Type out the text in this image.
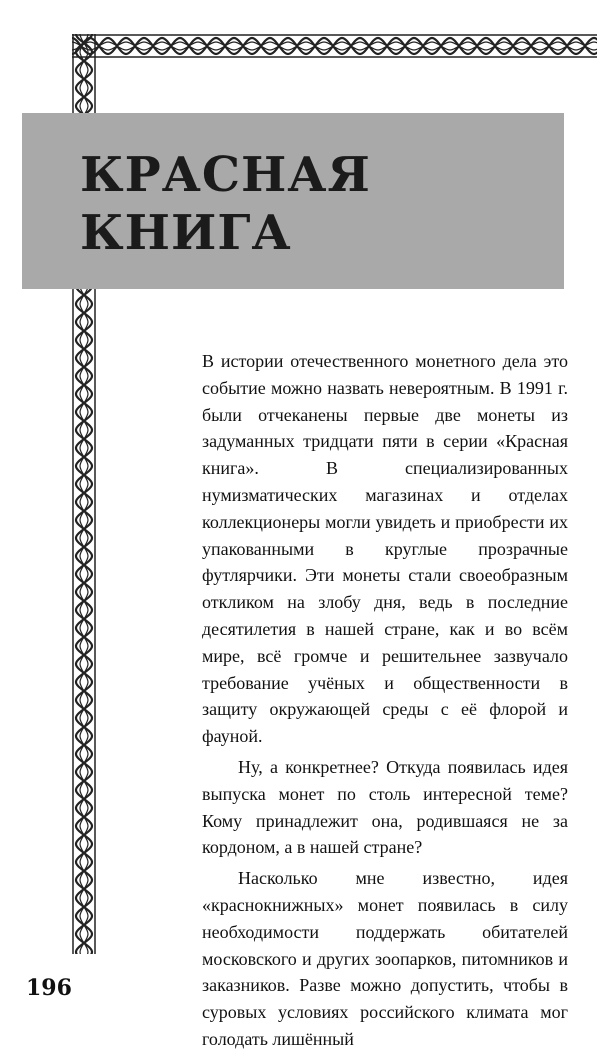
КРАСНАЯ
КНИГА

В истории отечественного монетного дела это событие можно назвать невероятным. В 1991 г. были отчеканены первые две монеты из задуманных тридцати пяти в серии «Красная книга». В специализированных нумизматических магазинах и отделах коллекционеры могли увидеть и приобрести их упакованными в круглые прозрачные футлярчики. Эти монеты стали своеобразным откликом на злобу дня, ведь в последние десятилетия в нашей стране, как и во всём мире, всё громче и решительнее зазвучало требование учёных и общественности в защиту окружающей среды с её флорой и фауной.

Ну, а конкретнее? Откуда появилась идея выпуска монет по столь интересной теме? Кому принадлежит она, родившаяся не за кордоном, а в нашей стране?

Насколько мне известно, идея «краснокнижных» монет появилась в силу необходимости поддержать обитателей московского и других зоопарков, питомников и заказников. Разве можно допустить, чтобы в суровых условиях российского климата мог голодать лишённый

196
